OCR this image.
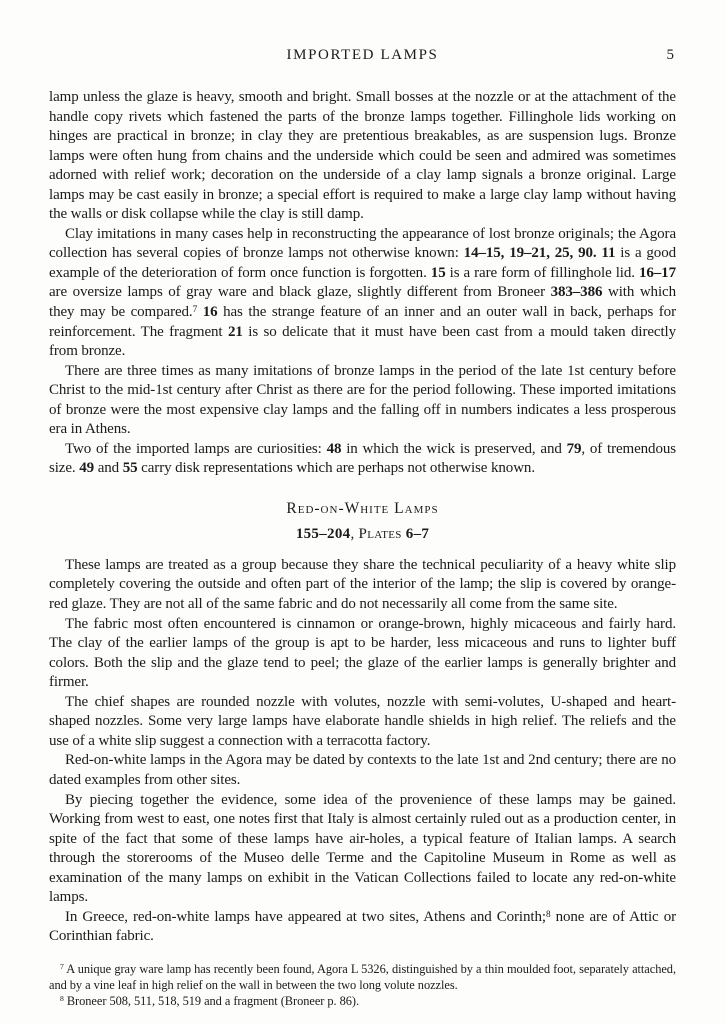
IMPORTED LAMPS	5

lamp unless the glaze is heavy, smooth and bright. Small bosses at the nozzle or at the attachment of the handle copy rivets which fastened the parts of the bronze lamps together. Fillinghole lids working on hinges are practical in bronze; in clay they are pretentious breakables, as are suspension lugs. Bronze lamps were often hung from chains and the underside which could be seen and admired was sometimes adorned with relief work; decoration on the underside of a clay lamp signals a bronze original. Large lamps may be cast easily in bronze; a special effort is required to make a large clay lamp without having the walls or disk collapse while the clay is still damp.

Clay imitations in many cases help in reconstructing the appearance of lost bronze originals; the Agora collection has several copies of bronze lamps not otherwise known: 14–15, 19–21, 25, 90. 11 is a good example of the deterioration of form once function is forgotten. 15 is a rare form of fillinghole lid. 16–17 are oversize lamps of gray ware and black glaze, slightly different from Broneer 383–386 with which they may be compared.$^7$ 16 has the strange feature of an inner and an outer wall in back, perhaps for reinforcement. The fragment 21 is so delicate that it must have been cast from a mould taken directly from bronze.

There are three times as many imitations of bronze lamps in the period of the late 1st century before Christ to the mid-1st century after Christ as there are for the period following. These imported imitations of bronze were the most expensive clay lamps and the falling off in numbers indicates a less prosperous era in Athens.

Two of the imported lamps are curiosities: 48 in which the wick is preserved, and 79, of tremendous size. 49 and 55 carry disk representations which are perhaps not otherwise known.

Red-on-White Lamps
155–204, Plates 6–7

These lamps are treated as a group because they share the technical peculiarity of a heavy white slip completely covering the outside and often part of the interior of the lamp; the slip is covered by orange-red glaze. They are not all of the same fabric and do not necessarily all come from the same site.

The fabric most often encountered is cinnamon or orange-brown, highly micaceous and fairly hard. The clay of the earlier lamps of the group is apt to be harder, less micaceous and runs to lighter buff colors. Both the slip and the glaze tend to peel; the glaze of the earlier lamps is generally brighter and firmer.

The chief shapes are rounded nozzle with volutes, nozzle with semi-volutes, U-shaped and heart-shaped nozzles. Some very large lamps have elaborate handle shields in high relief. The reliefs and the use of a white slip suggest a connection with a terracotta factory.

Red-on-white lamps in the Agora may be dated by contexts to the late 1st and 2nd century; there are no dated examples from other sites.

By piecing together the evidence, some idea of the provenience of these lamps may be gained. Working from west to east, one notes first that Italy is almost certainly ruled out as a production center, in spite of the fact that some of these lamps have air-holes, a typical feature of Italian lamps. A search through the storerooms of the Museo delle Terme and the Capitoline Museum in Rome as well as examination of the many lamps on exhibit in the Vatican Collections failed to locate any red-on-white lamps.

In Greece, red-on-white lamps have appeared at two sites, Athens and Corinth;$^8$ none are of Attic or Corinthian fabric.

$^7$ A unique gray ware lamp has recently been found, Agora L 5326, distinguished by a thin moulded foot, separately attached, and by a vine leaf in high relief on the wall in between the two long volute nozzles.

$^8$ Broneer 508, 511, 518, 519 and a fragment (Broneer p. 86).
